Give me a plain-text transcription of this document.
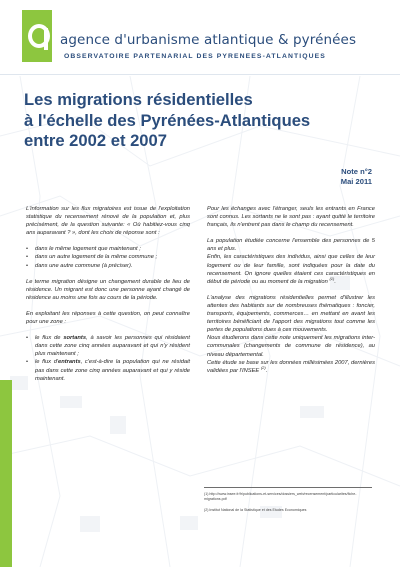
agence d'urbanisme atlantique & pyrénées
OBSERVATOIRE PARTENARIAL DES PYRENEES-ATLANTIQUES
Les migrations résidentielles
à l'échelle des Pyrénées-Atlantiques
entre 2002 et 2007
Note n°2
Mai 2011

L'information sur les flux migratoires est issue de l'exploitation statistique du recensement rénové de la population et, plus précisément, de la question suivante: « Où habitiez-vous cinq ans auparavant ? », dont les choix de réponse sont :

• dans le même logement que maintenant ;
• dans un autre logement de la même commune ;
• dans une autre commune (à préciser).

Le terme migration désigne un changement durable de lieu de résidence. Un migrant est donc une personne ayant changé de résidence au moins une fois au cours de la période.

En exploitant les réponses à cette question, on peut connaître pour une zone :

• le flux de sortants, à savoir les personnes qui résidaient dans cette zone cinq années auparavant et qui n'y résident plus maintenant ;
• le flux d'entrants, c'est-à-dire la population qui ne résidait pas dans cette zone cinq années auparavant et qui y réside maintenant.

Pour les échanges avec l'étranger, seuls les entrants en France sont connus. Les sortants ne le sont pas : ayant quitté le territoire français, ils n'entrent pas dans le champ du recensement.

La population étudiée concerne l'ensemble des personnes de 5 ans et plus.

Enfin, les caractéristiques des individus, ainsi que celles de leur logement ou de leur famille, sont indiquées pour la date du recensement. On ignore quelles étaient ces caractéristiques en début de période ou au moment de la migration $^{(1)}$.

L'analyse des migrations résidentielles permet d'illustrer les attentes des habitants sur de nombreuses thématiques : foncier, transports, équipements, commerces… en mettant en avant les territoires bénéficiant de l'apport des migrations tout comme les pertes de populations dues à ces mouvements.

Nous étudierons dans cette note uniquement les migrations inter-communales (changements de commune de résidence), au niveau départemental.

Cette étude se base sur les données millésimées 2007, dernières validées par l'INSEE $^{(2)}$.

(1) http://www.insee.fr/fr/publications-et-services/dossiers_web/recensement/particularites/fiche-migrations.pdf
(2) Institut National de la Statistique et des Etudes Economiques
